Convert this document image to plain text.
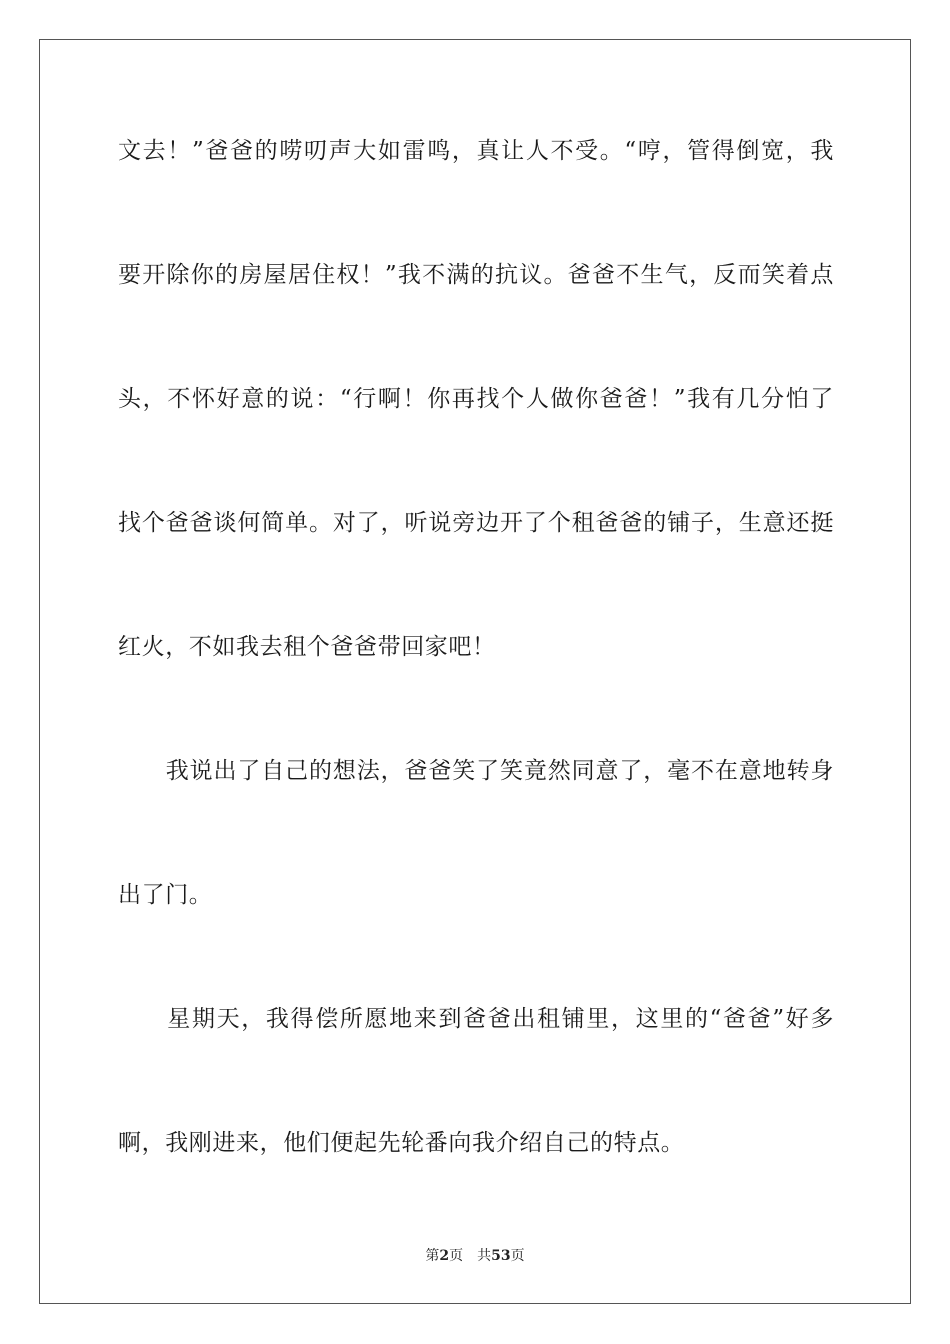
文去！”爸爸的唠叨声大如雷鸣，真让人不受。“哼，管得倒宽，我
要开除你的房屋居住权！”我不满的抗议。爸爸不生气，反而笑着点
头，不怀好意的说：“行啊！你再找个人做你爸爸！”我有几分怕了
找个爸爸谈何简单。对了，听说旁边开了个租爸爸的铺子，生意还挺
红火，不如我去租个爸爸带回家吧！
　　我说出了自己的想法，爸爸笑了笑竟然同意了，毫不在意地转身
出了门。
　　星期天，我得偿所愿地来到爸爸出租铺里，这里的“爸爸”好多
啊，我刚进来，他们便起先轮番向我介绍自己的特点。
第2页 共53页
